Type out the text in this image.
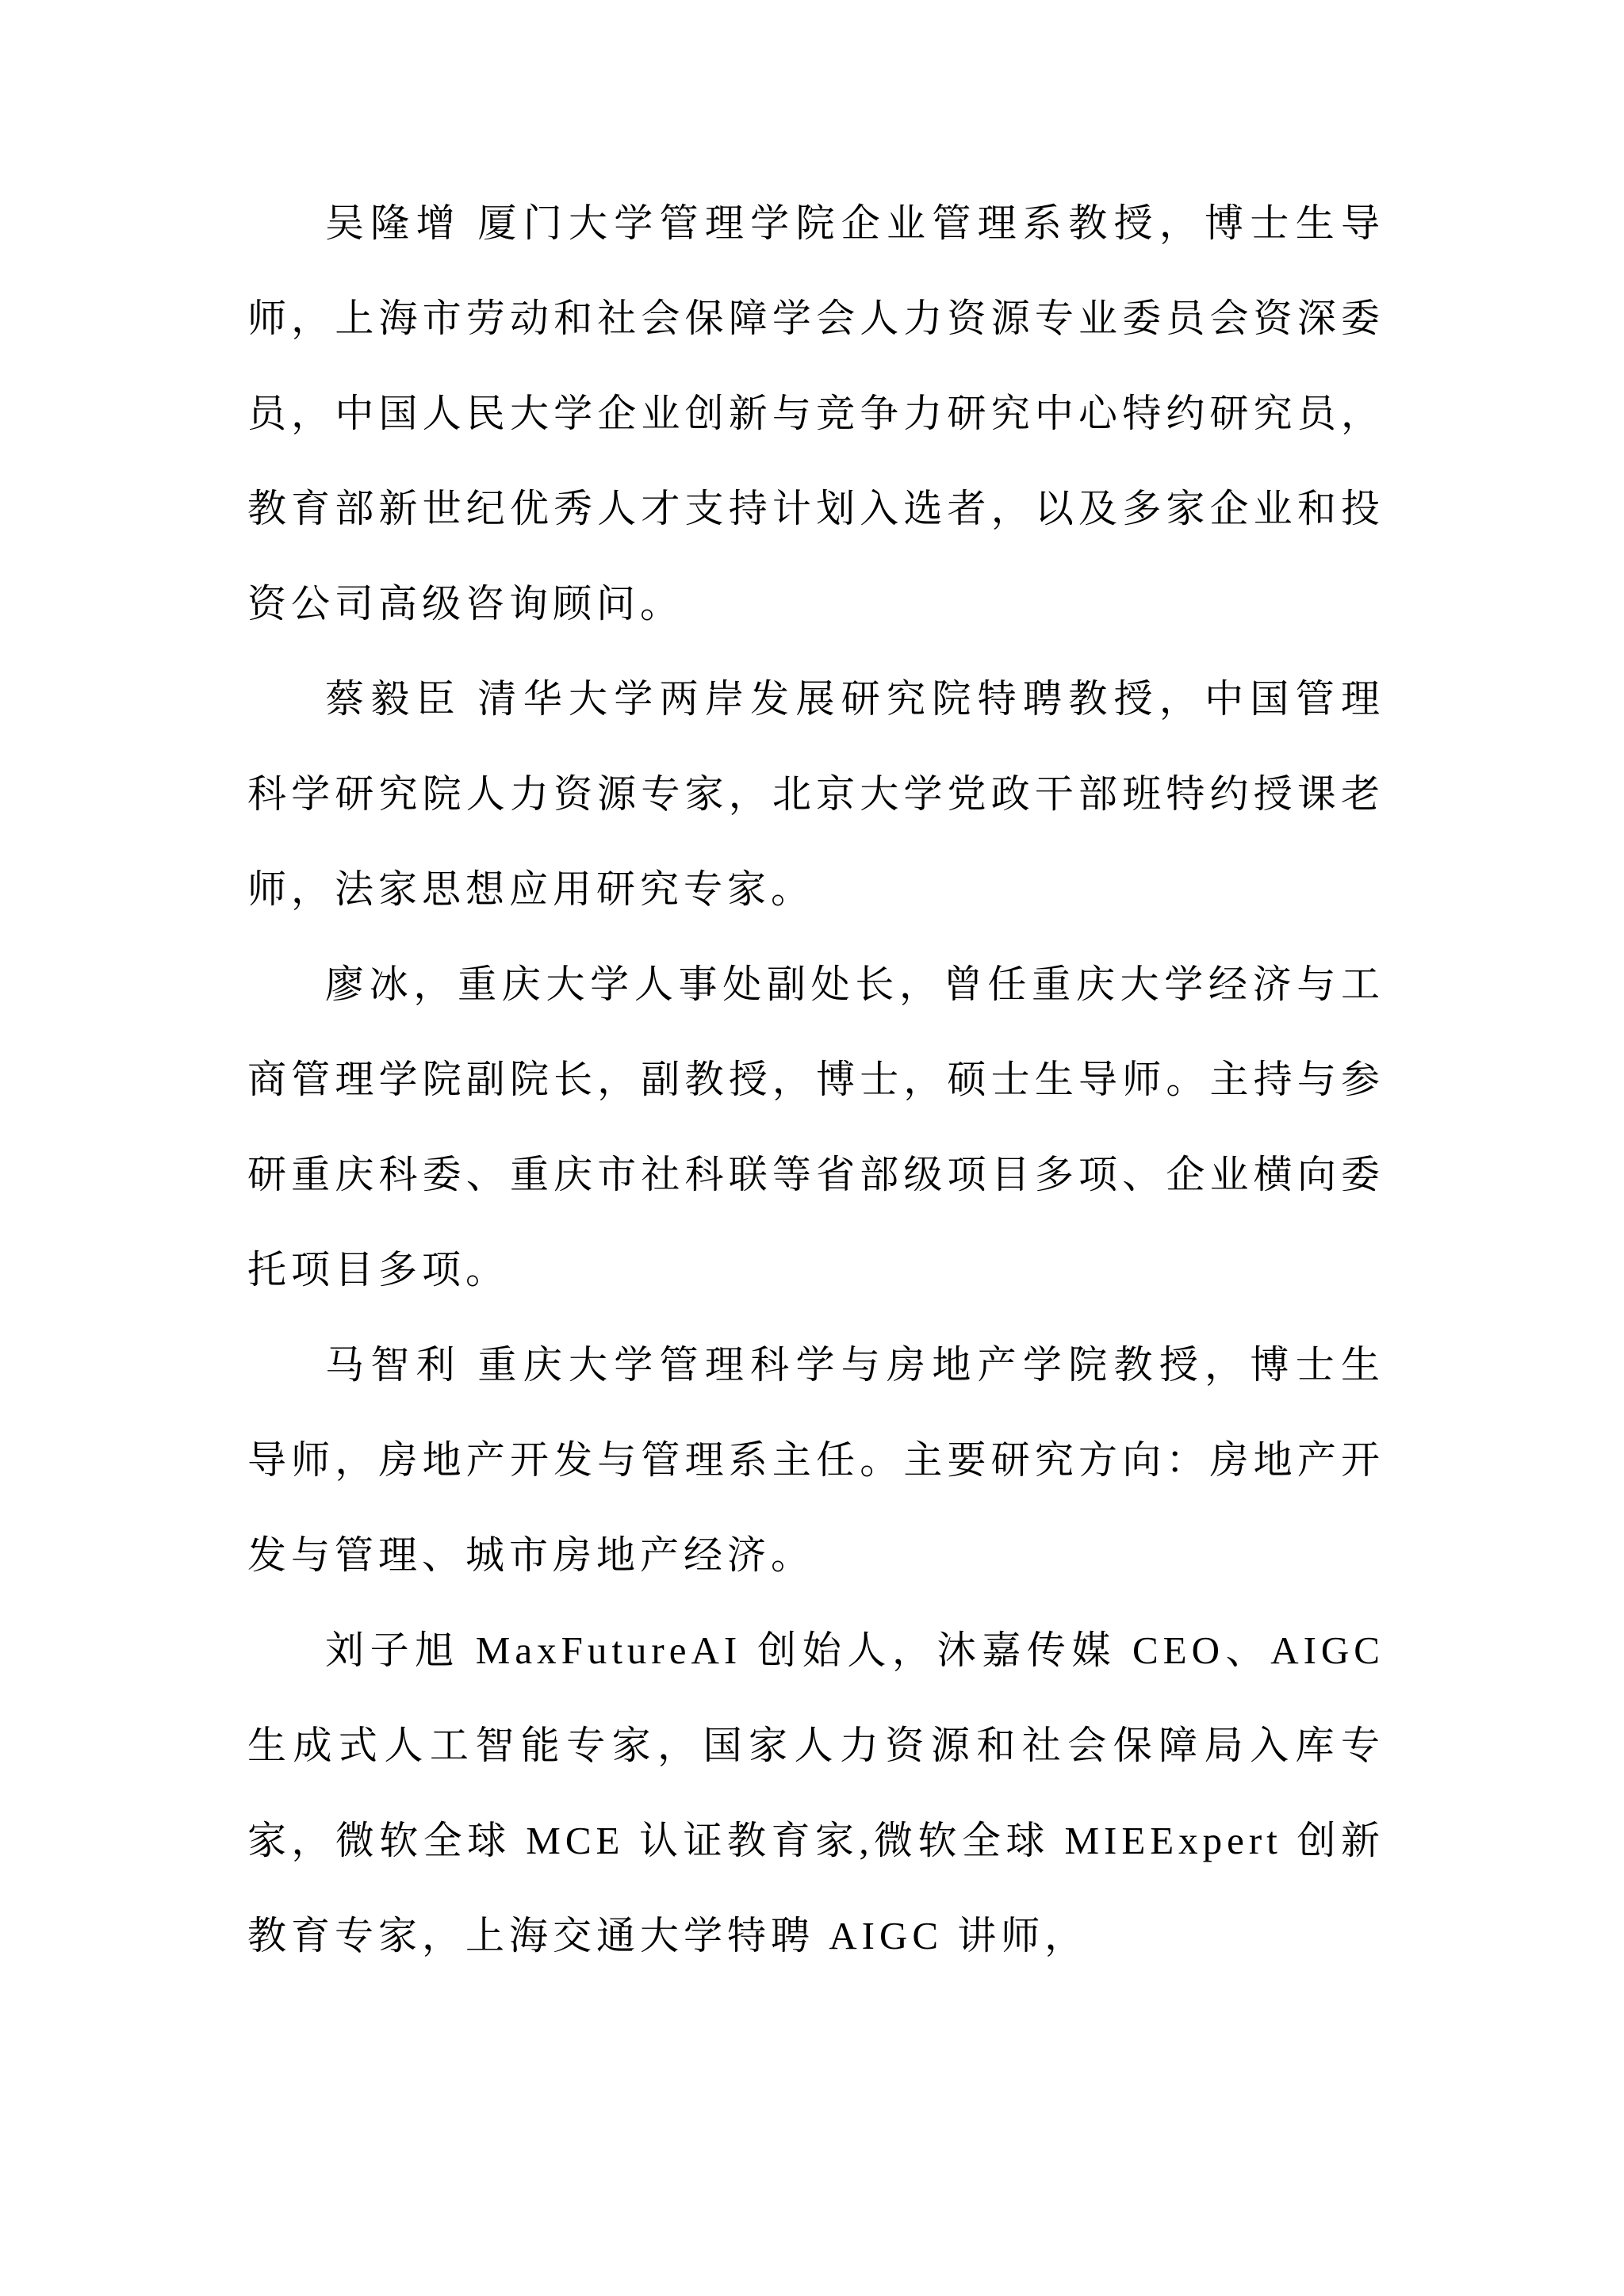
吴隆增 厦门大学管理学院企业管理系教授，博士生导师，上海市劳动和社会保障学会人力资源专业委员会资深委员，中国人民大学企业创新与竞争力研究中心特约研究员，教育部新世纪优秀人才支持计划入选者，以及多家企业和投资公司高级咨询顾问。

蔡毅臣 清华大学两岸发展研究院特聘教授，中国管理科学研究院人力资源专家，北京大学党政干部班特约授课老师，法家思想应用研究专家。

廖冰，重庆大学人事处副处长，曾任重庆大学经济与工商管理学院副院长，副教授，博士，硕士生导师。主持与参研重庆科委、重庆市社科联等省部级项目多项、企业横向委托项目多项。

马智利 重庆大学管理科学与房地产学院教授，博士生导师，房地产开发与管理系主任。主要研究方向：房地产开发与管理、城市房地产经济。

刘子旭 MaxFutureAI 创始人，沐嘉传媒 CEO、AIGC 生成式人工智能专家，国家人力资源和社会保障局入库专家，微软全球 MCE 认证教育家,微软全球 MIEExpert 创新教育专家，上海交通大学特聘 AIGC 讲师，
